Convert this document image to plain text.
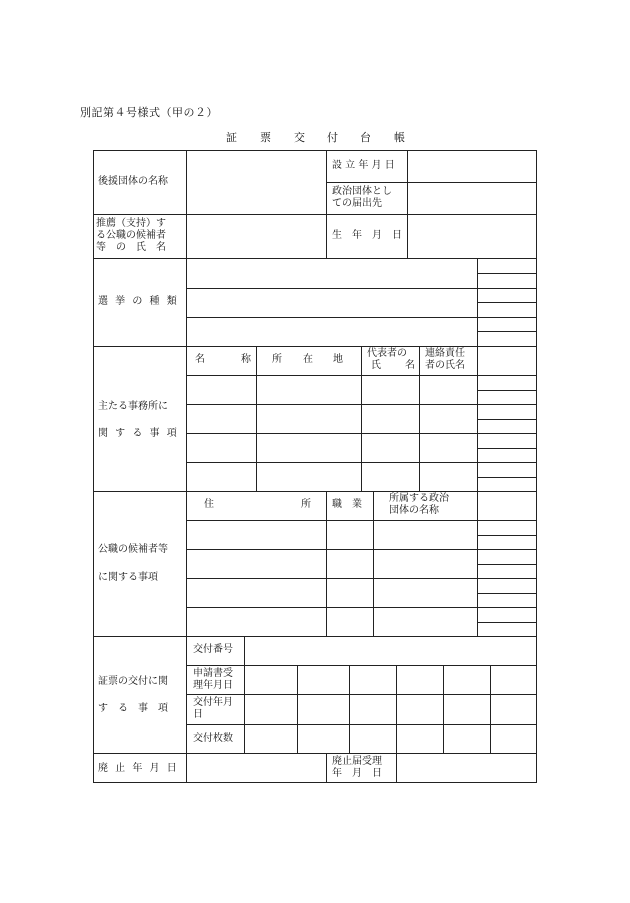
別記第４号様式（甲の２）
証 票 交 付 台 帳
後援団体の名称
設 立 年 月 日
政治団体とし
ての届出先
推薦（支持）す
る公職の候補者
等　の　氏　名
生　年　月　日
選 挙 の 種 類
主たる事務所に
関 す る 事 項
名	称 所 在 地
代表者の
氏 名
連絡責任
者の氏名
公職の候補者等
に関する事項
住	所 職　業
所属する政治
団体の名称
証票の交付に関
す　る　事　項
交付番号
申請書受
理年月日
交付年月
日
交付枚数
廃 止 年 月 日
廃止届受理
年　月　日
